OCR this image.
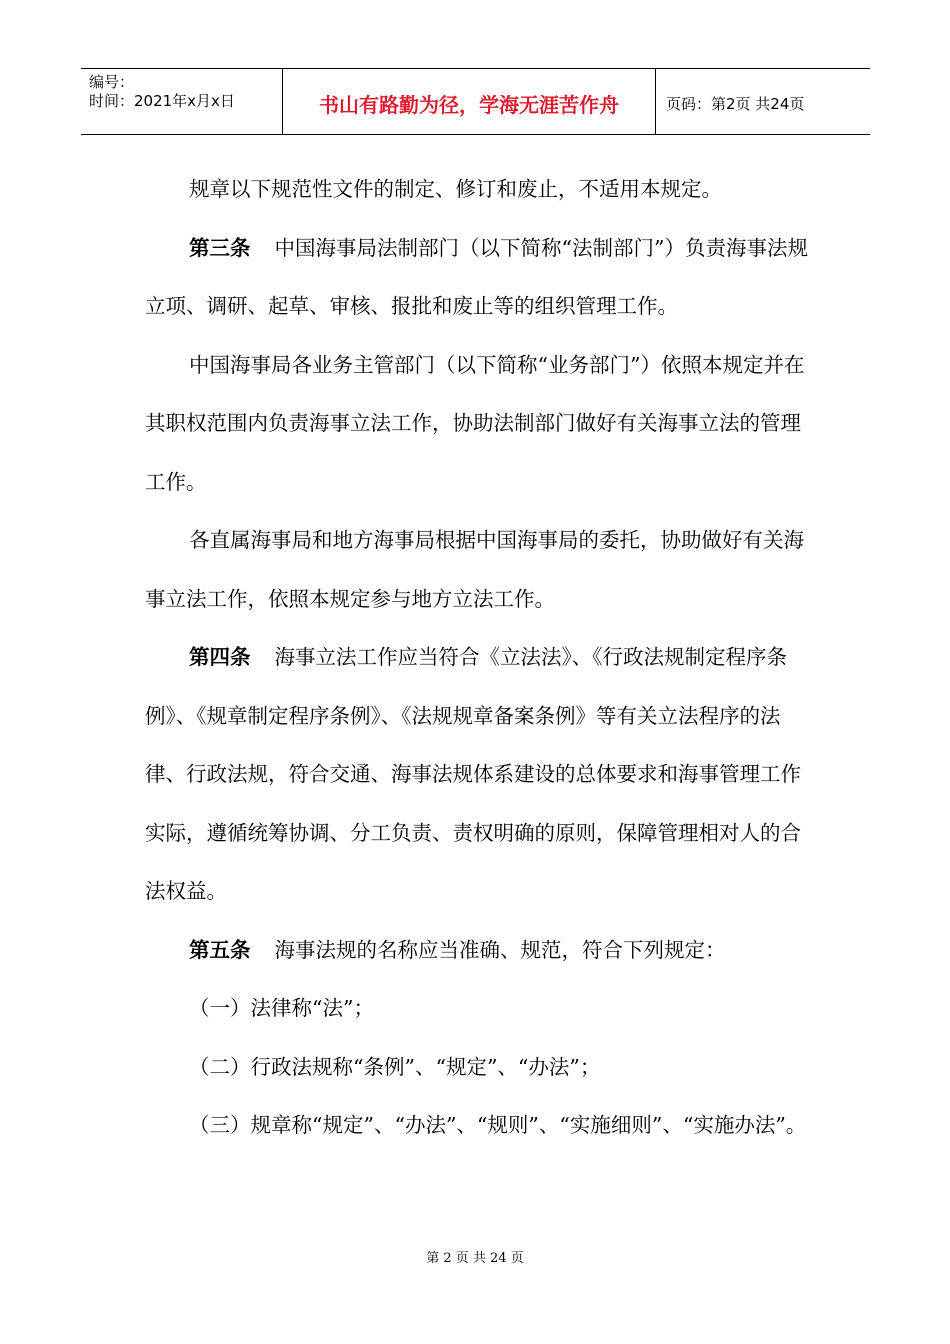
编号：
时间：2021年x月x日	书山有路勤为径，学海无涯苦作舟	页码：第2页 共24页

规章以下规范性文件的制定、修订和废止，不适用本规定。

第三条 中国海事局法制部门（以下简称“法制部门”）负责海事法规立项、调研、起草、审核、报批和废止等的组织管理工作。

中国海事局各业务主管部门（以下简称“业务部门”）依照本规定并在其职权范围内负责海事立法工作，协助法制部门做好有关海事立法的管理工作。

各直属海事局和地方海事局根据中国海事局的委托，协助做好有关海事立法工作，依照本规定参与地方立法工作。

第四条 海事立法工作应当符合《立法法》、《行政法规制定程序条例》、《规章制定程序条例》、《法规规章备案条例》等有关立法程序的法律、行政法规，符合交通、海事法规体系建设的总体要求和海事管理工作实际，遵循统筹协调、分工负责、责权明确的原则，保障管理相对人的合法权益。

第五条 海事法规的名称应当准确、规范，符合下列规定：

（一）法律称“法”；

（二）行政法规称“条例”、“规定”、“办法”；

（三）规章称“规定”、“办法”、“规则”、“实施细则”、“实施办法”。

第 2 页 共 24 页
